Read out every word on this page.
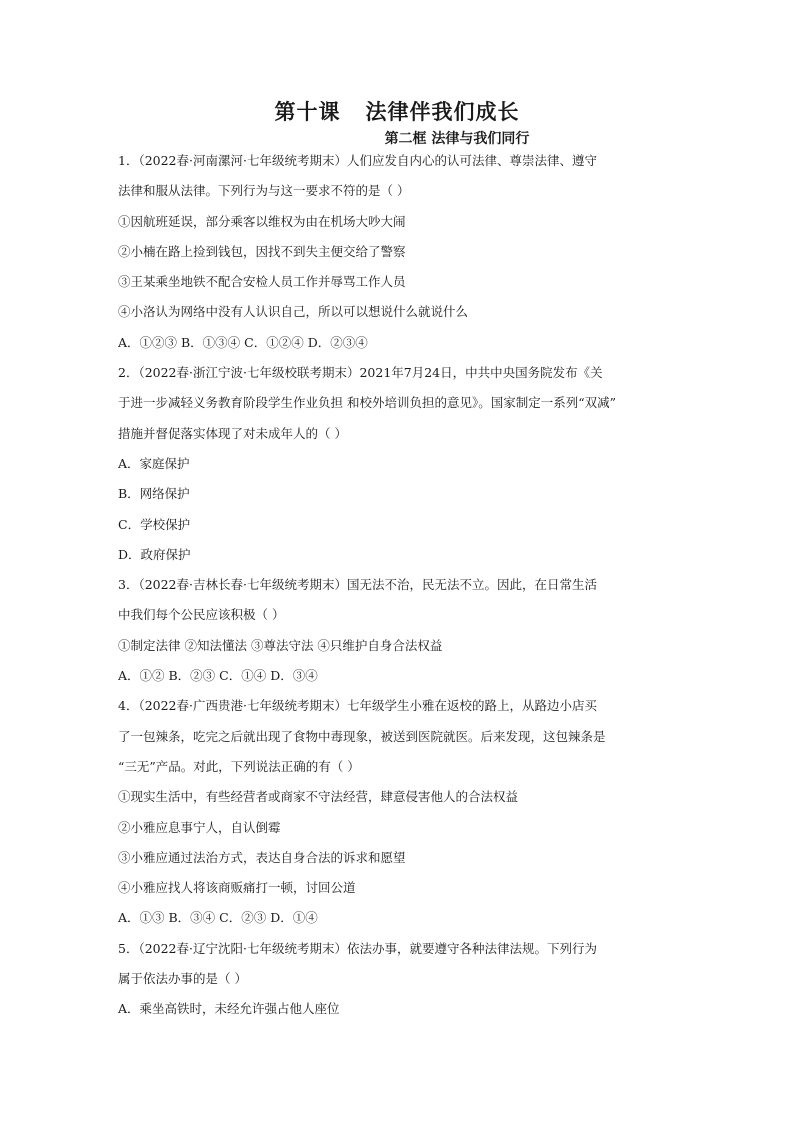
第十课   法律伴我们成长
第二框 法律与我们同行
1．（2022春·河南漯河·七年级统考期末）人们应发自内心的认可法律、尊崇法律、遵守
法律和服从法律。下列行为与这一要求不符的是（ ）
①因航班延误，部分乘客以维权为由在机场大吵大闹
②小楠在路上捡到钱包，因找不到失主便交给了警察
③王某乘坐地铁不配合安检人员工作并辱骂工作人员
④小洛认为网络中没有人认识自己，所以可以想说什么就说什么
A．①②③ B．①③④ C．①②④ D．②③④
2．（2022春·浙江宁波·七年级校联考期末）2021年7月24日，中共中央国务院发布《关
于进一步减轻义务教育阶段学生作业负担 和校外培训负担的意见》。国家制定一系列“双减”
措施并督促落实体现了对未成年人的（ ）
A．家庭保护
B．网络保护
C．学校保护
D．政府保护
3．（2022春·吉林长春·七年级统考期末）国无法不治，民无法不立。因此，在日常生活
中我们每个公民应该积极（ ）
①制定法律 ②知法懂法 ③尊法守法 ④只维护自身合法权益
A．①② B．②③ C．①④ D．③④
4．（2022春·广西贵港·七年级统考期末）七年级学生小雅在返校的路上，从路边小店买
了一包辣条，吃完之后就出现了食物中毒现象，被送到医院就医。后来发现，这包辣条是
“三无”产品。对此，下列说法正确的有（ ）
①现实生活中，有些经营者或商家不守法经营，肆意侵害他人的合法权益
②小雅应息事宁人，自认倒霉
③小雅应通过法治方式，表达自身合法的诉求和愿望
④小雅应找人将该商贩痛打一顿，讨回公道
A．①③ B．③④ C．②③ D．①④
5．（2022春·辽宁沈阳·七年级统考期末）依法办事，就要遵守各种法律法规。下列行为
属于依法办事的是（ ）
A．乘坐高铁时，未经允许强占他人座位
